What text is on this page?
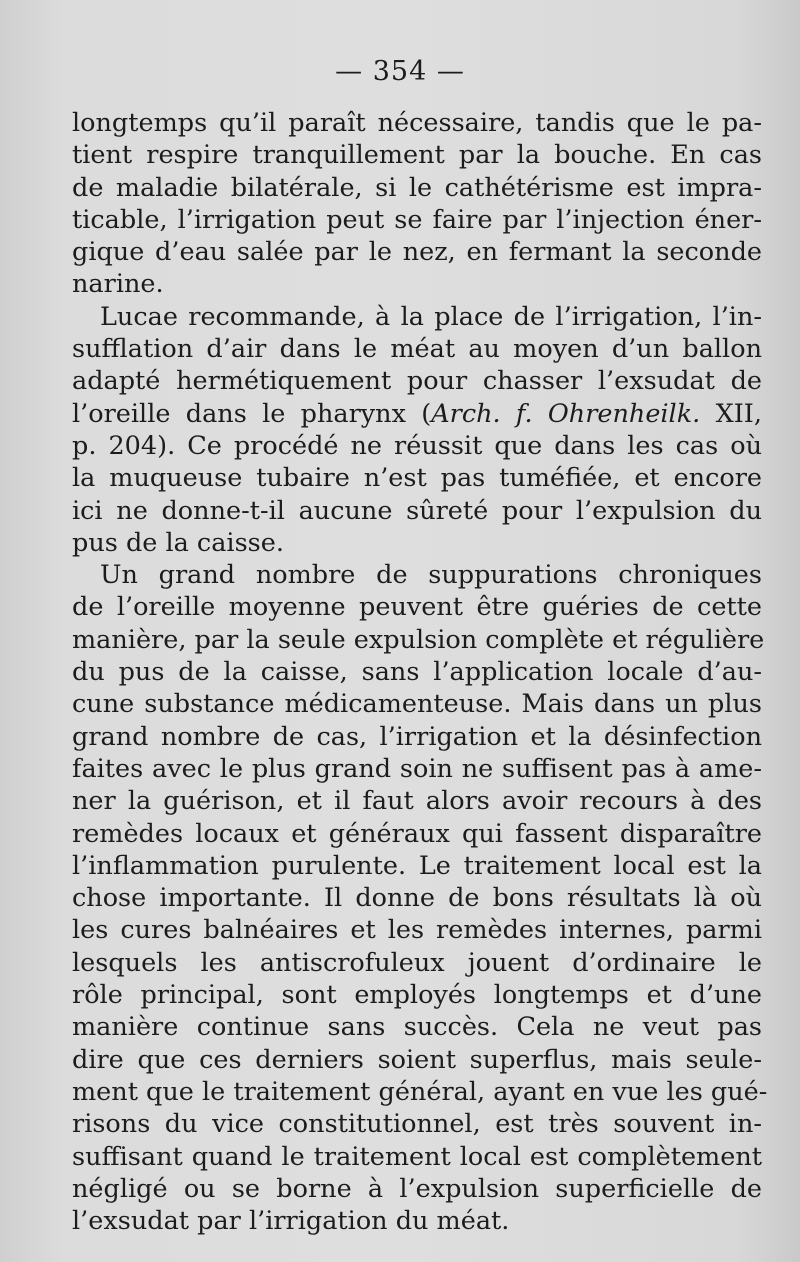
— 354 —
longtemps qu’il paraît nécessaire, tandis que le pa-
tient respire tranquillement par la bouche. En cas
de maladie bilatérale, si le cathétérisme est impra-
ticable, l’irrigation peut se faire par l’injection éner-
gique d’eau salée par le nez, en fermant la seconde
narine.
Lucae recommande, à la place de l’irrigation, l’in-
sufflation d’air dans le méat au moyen d’un ballon
adapté hermétiquement pour chasser l’exsudat de
l’oreille dans le pharynx (Arch. f. Ohrenheilk. XII,
p. 204). Ce procédé ne réussit que dans les cas où
la muqueuse tubaire n’est pas tuméfiée, et encore
ici ne donne-t-il aucune sûreté pour l’expulsion du
pus de la caisse.
Un grand nombre de suppurations chroniques
de l’oreille moyenne peuvent être guéries de cette
manière, par la seule expulsion complète et régulière
du pus de la caisse, sans l’application locale d’au-
cune substance médicamenteuse. Mais dans un plus
grand nombre de cas, l’irrigation et la désinfection
faites avec le plus grand soin ne suffisent pas à ame-
ner la guérison, et il faut alors avoir recours à des
remèdes locaux et généraux qui fassent disparaître
l’inflammation purulente. Le traitement local est la
chose importante. Il donne de bons résultats là où
les cures balnéaires et les remèdes internes, parmi
lesquels les antiscrofuleux jouent d’ordinaire le
rôle principal, sont employés longtemps et d’une
manière continue sans succès. Cela ne veut pas
dire que ces derniers soient superflus, mais seule-
ment que le traitement général, ayant en vue les gué-
risons du vice constitutionnel, est très souvent in-
suffisant quand le traitement local est complètement
négligé ou se borne à l’expulsion superficielle de
l’exsudat par l’irrigation du méat.
